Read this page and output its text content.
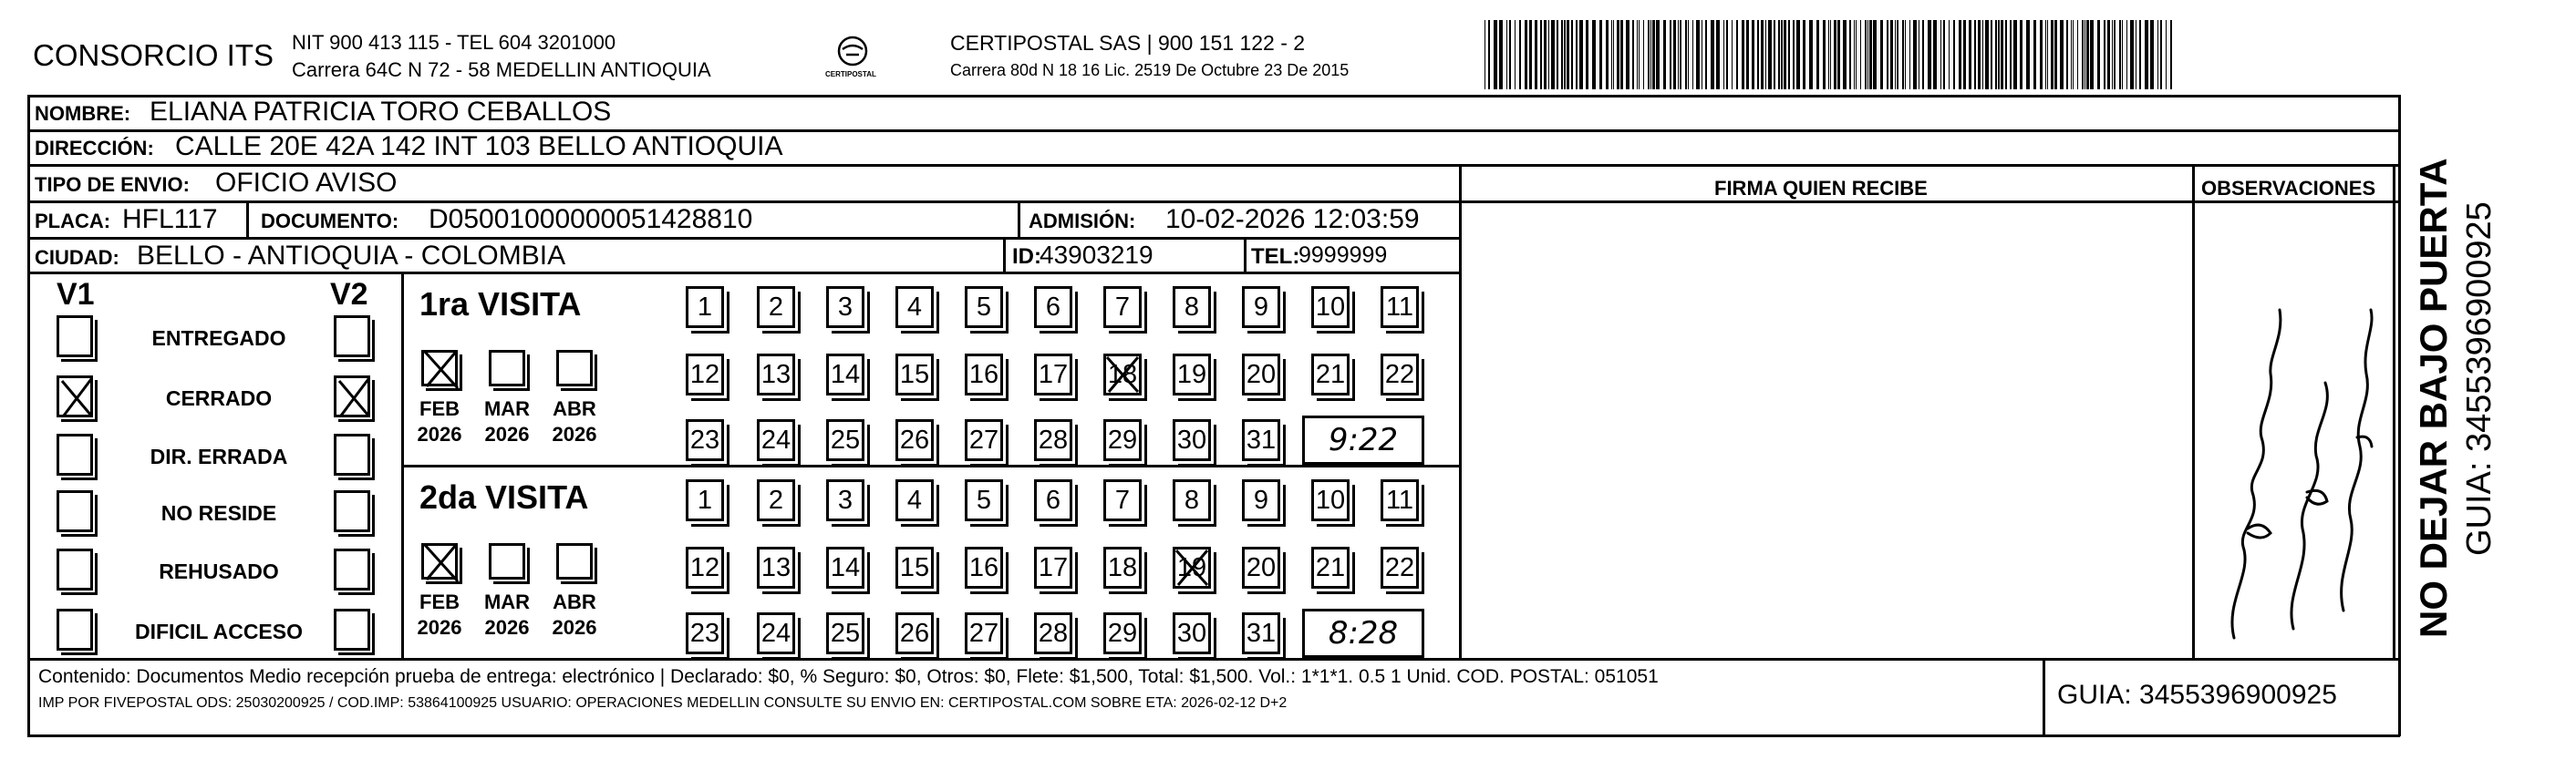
CONSORCIO ITS NIT 900 413 115 - TEL 604 3201000
Carrera 64C N 72 - 58 MEDELLIN ANTIOQUIA	CERTIPOSTAL
CERTIPOSTAL SAS | 900 151 122 - 2
Carrera 80d N 18 16 Lic. 2519 De Octubre 23 De 2015
NOMBRE: ELIANA PATRICIA TORO CEBALLOS
DIRECCIÓN: CALLE 20E 42A 142 INT 103 BELLO ANTIOQUIA
TIPO DE ENVIO: OFICIO AVISO	FIRMA QUIEN RECIBE	OBSERVACIONES
PLACA: HFL117 DOCUMENTO: D05001000000051428810	ADMISIÓN: 10-02-2026 12:03:59
CIUDAD: BELLO - ANTIOQUIA - COLOMBIA	ID:
43903219	TEL:
9999999
V1	V2
ENTREGADO
CERRADO
DIR. ERRADA
NO RESIDE
REHUSADO
DIFICIL ACCESO
1ra VISITA
FEB
2026
MAR
2026
ABR
2026
1	2	3	4	5	6	7	8	9	10 11
12 13 14 15 16 17 18 19 20 21 22
23 24 25 26 27 28 29 30 31	9:22
2da VISITA
FEB
2026
MAR
2026
ABR
2026
1	2	3	4	5	6	7	8	9	10 11
12 13 14 15 16 17 18 19 20 21 22
23 24 25 26 27 28 29 30 31	8:28
Contenido: Documentos Medio recepción prueba de entrega: electrónico | Declarado: $0, % Seguro: $0, Otros: $0, Flete: $1,500, Total: $1,500. Vol.: 1*1*1. 0.5 1 Unid. COD. POSTAL: 051051
IMP POR FIVEPOSTAL ODS: 25030200925 / COD.IMP: 53864100925 USUARIO: OPERACIONES MEDELLIN CONSULTE SU ENVIO EN: CERTIPOSTAL.COM SOBRE ETA: 2026-02-12 D+2	GUIA: 3455396900925
NO DEJAR BAJO PUERTA GUIA: 3455396900925
